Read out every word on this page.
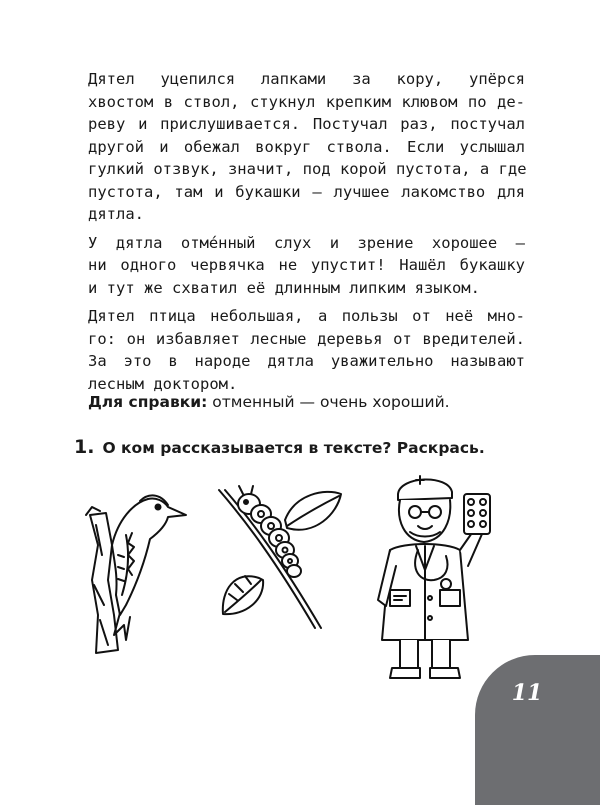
Дятел уцепился лапками за кору, упёрся
хвостом в ствол, стукнул крепким клювом по де-
реву и прислушивается. Постучал раз, постучал
другой и обежал вокруг ствола. Если услышал
гулкий отзвук, значит, под корой пустота, а где
пустота, там и букашки — лучшее лакомство для
дятла.

У дятла отме́нный слух и зрение хорошее —
ни одного червячка не упустит! Нашёл букашку
и тут же схватил её длинным липким языком.

Дятел птица небольшая, а пользы от неё мно-
го: он избавляет лесные деревья от вредителей.
За это в народе дятла уважительно называют
лесным доктором.

Для справки: отменный — очень хороший.
1. О ком рассказывается в тексте? Раскрась.
11
